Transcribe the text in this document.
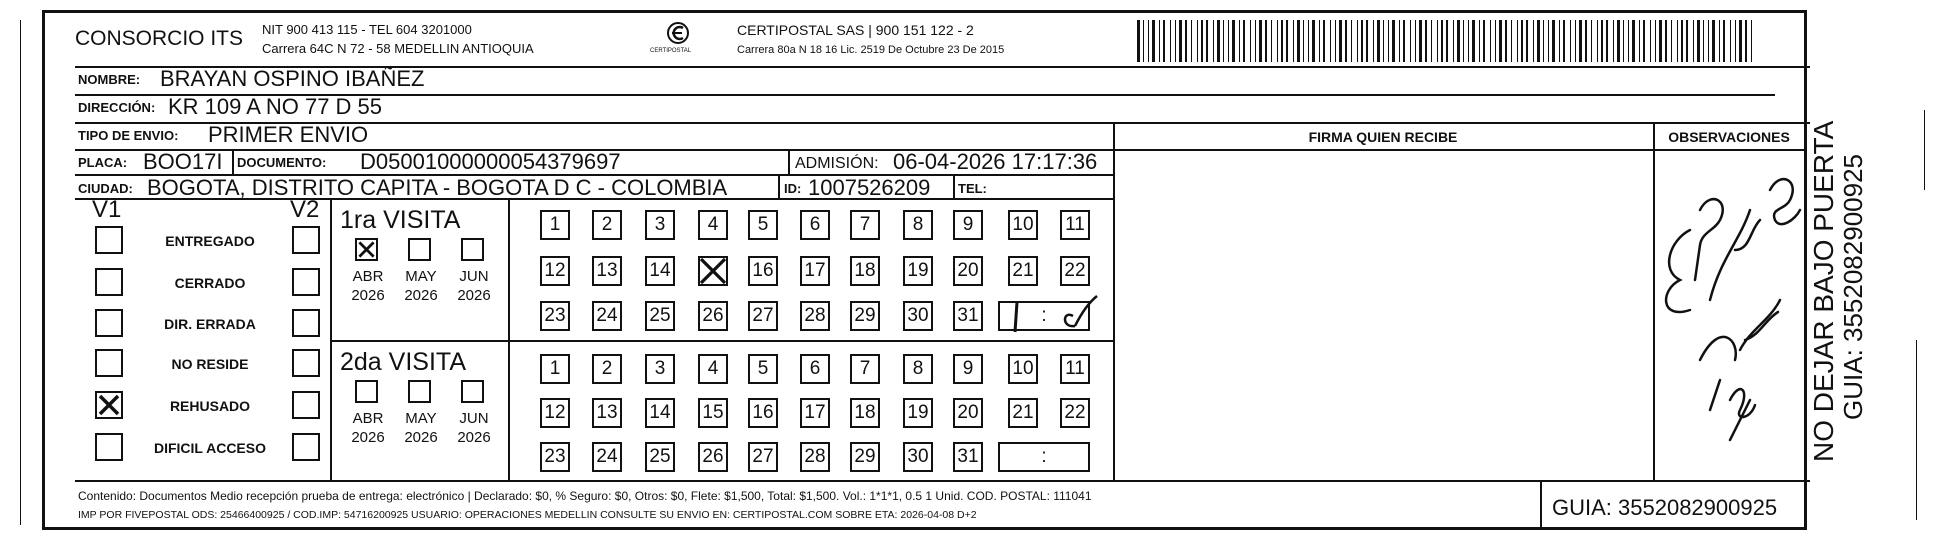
CONSORCIO ITS NIT 900 413 115 - TEL 604 3201000
Carrera 64C N 72 - 58 MEDELLIN ANTIOQUIA	CERTIPOSTAL
CERTIPOSTAL SAS | 900 151 122 - 2
Carrera 80a N 18 16 Lic. 2519 De Octubre 23 De 2015
NOMBRE: BRAYAN OSPINO IBAÑEZ
DIRECCIÓN: KR 109 A NO 77 D 55
TIPO DE ENVIO: PRIMER ENVIO
PLACA: BOO17I DOCUMENTO: D05001000000054379697	ADMISIÓN: 06-04-2026 17:17:36
CIUDAD: BOGOTA, DISTRITO CAPITA - BOGOTA D C - COLOMBIA	ID: 1007526209 TEL:
FIRMA QUIEN RECIBE	OBSERVACIONES
V1	V2 1ra VISITA
2da VISITA
Contenido: Documentos Medio recepción prueba de entrega: electrónico | Declarado: $0, % Seguro: $0, Otros: $0, Flete: $1,500, Total: $1,500. Vol.: 1*1*1, 0.5 1 Unid. COD. POSTAL: 111041
IMP POR FIVEPOSTAL ODS: 25466400925 / COD.IMP: 54716200925 USUARIO: OPERACIONES MEDELLIN CONSULTE SU ENVIO EN: CERTIPOSTAL.COM SOBRE ETA: 2026-04-08 D+2	GUIA: 3552082900925
NO DEJAR BAJO PUERTA GUIA: 3552082900925
ENTREGADO
CERRADO
DIR. ERRADA
NO RESIDE
REHUSADO
DIFICIL ACCESO
ABR
2026
MAY
2026
JUN
2026
ABR
2026
MAY
2026
JUN
2026
1	2	3	4	5	6	7	8	9	10 11
12 13 14	16 17 18 19 20 21 22
23 24 25 26 27 28 29 30 31	:
1	2	3	4	5	6	7	8	9	10 11
12 13 14 15 16 17 18 19 20 21 22
23 24 25 26 27 28 29 30 31	:
